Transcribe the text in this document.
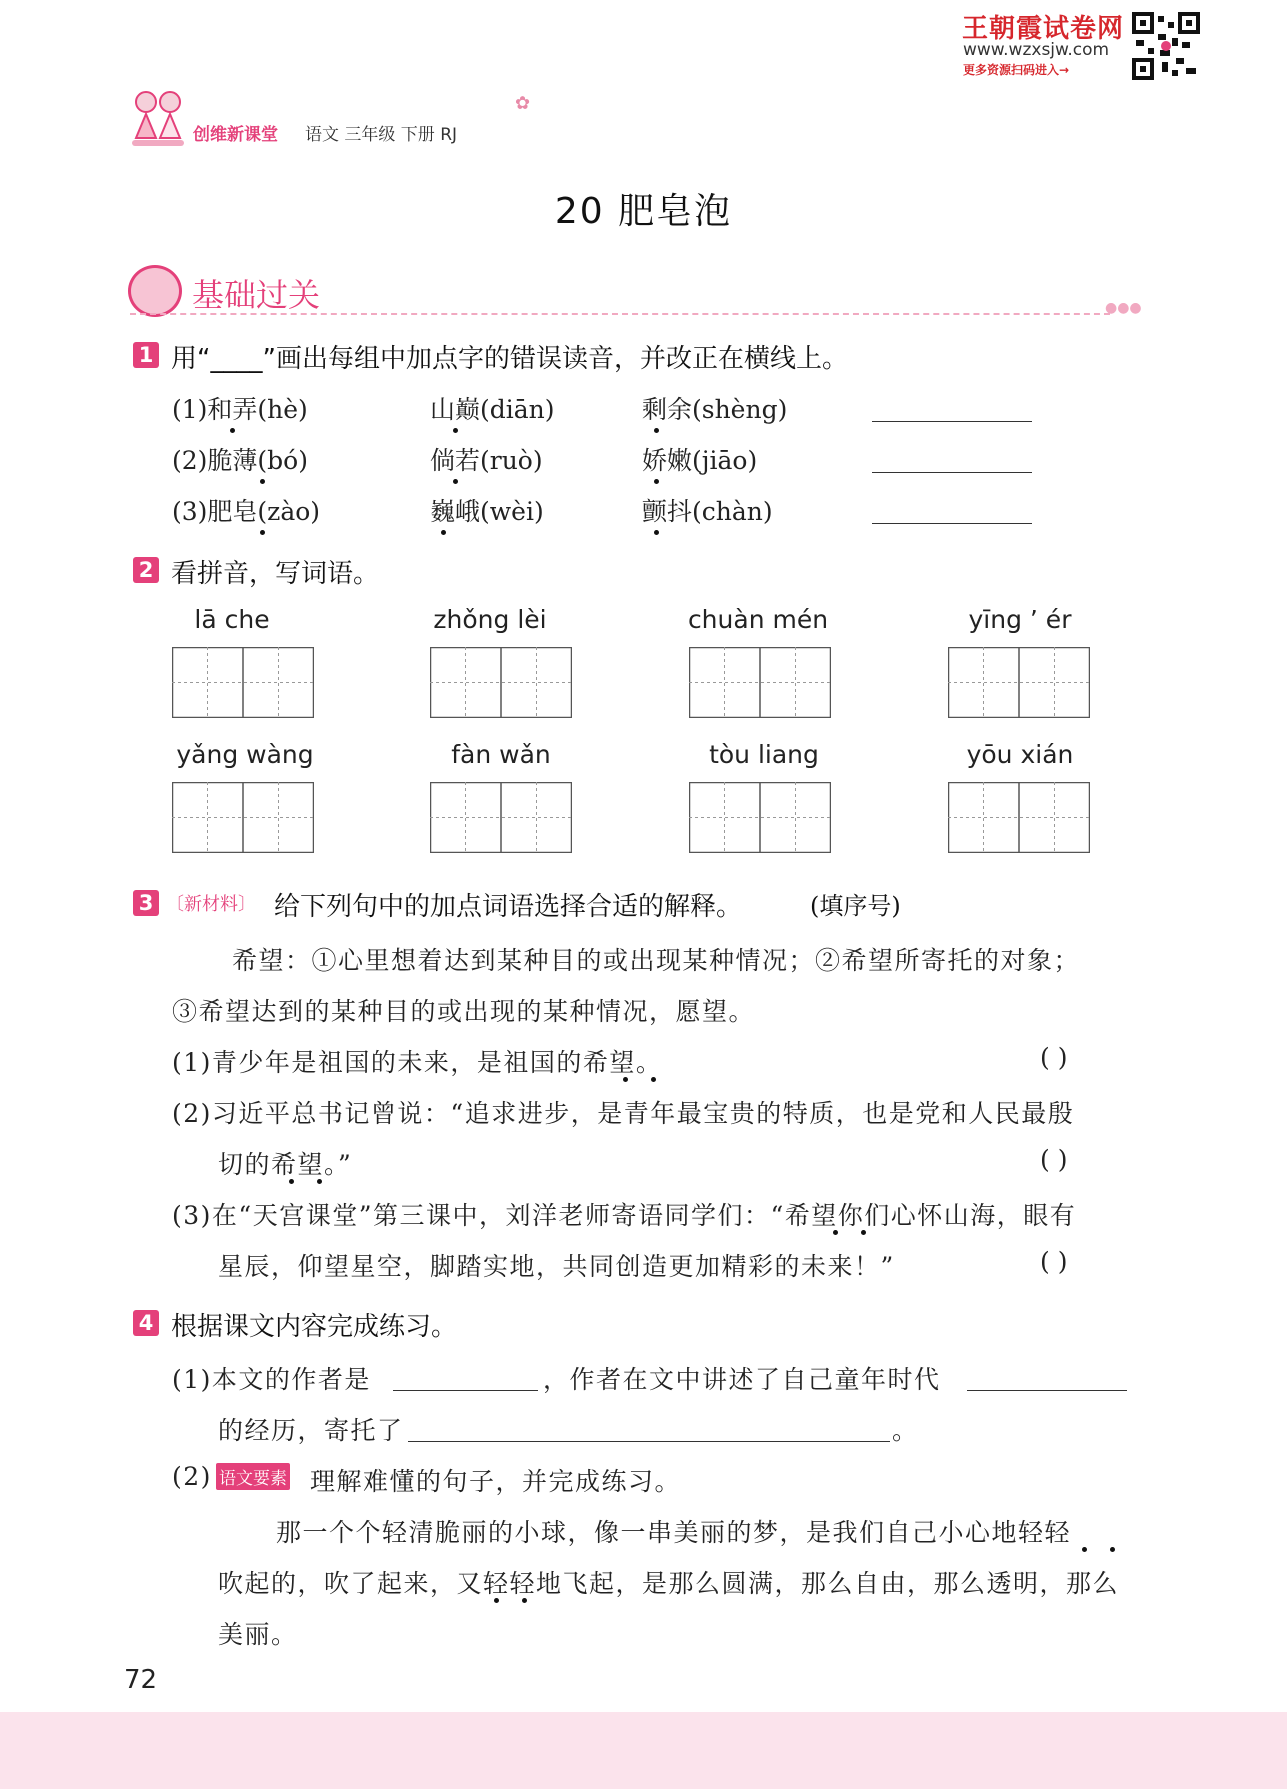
王朝霞试卷网
www.wzxsjw.com
更多资源扫码进入→
创维新课堂 语文 三年级 下册 RJ
✿
20 肥皂泡
基础过关	●●●
1 用“____”画出每组中加点字的错误读音，并改正在横线上。
(1)和弄(hè)	山巅(diān)	剩余(shèng)
(2)脆薄(bó)	倘若(ruò)	娇嫩(jiāo)
(3)肥皂(zào)	巍峨(wèi)	颤抖(chàn)
2 看拼音，写词语。
lā che	zhǒng lèi	chuàn mén	yīng ’ ér
yǎng wàng	fàn wǎn	tòu liang	yōu xián
3 〔新材料〕 给下列句中的加点词语选择合适的解释。	(填序号)
希望：①心里想着达到某种目的或出现某种情况；②希望所寄托的对象；
③希望达到的某种目的或出现的某种情况，愿望。
(1)青少年是祖国的未来，是祖国的希望。	( )
(2)习近平总书记曾说：“追求进步，是青年最宝贵的特质，也是党和人民最殷
切的希望。”	( )
(3)在“天宫课堂”第三课中，刘洋老师寄语同学们：“希望你们心怀山海，眼有
星辰，仰望星空，脚踏实地，共同创造更加精彩的未来！”	( )
4 根据课文内容完成练习。
(1)本文的作者是	，作者在文中讲述了自己童年时代
的经历，寄托了	。
(2) 语文要素 理解难懂的句子，并完成练习。
那一个个轻清脆丽的小球，像一串美丽的梦，是我们自己小心地轻轻
吹起的，吹了起来，又轻轻地飞起，是那么圆满，那么自由，那么透明，那么
美丽。
72
